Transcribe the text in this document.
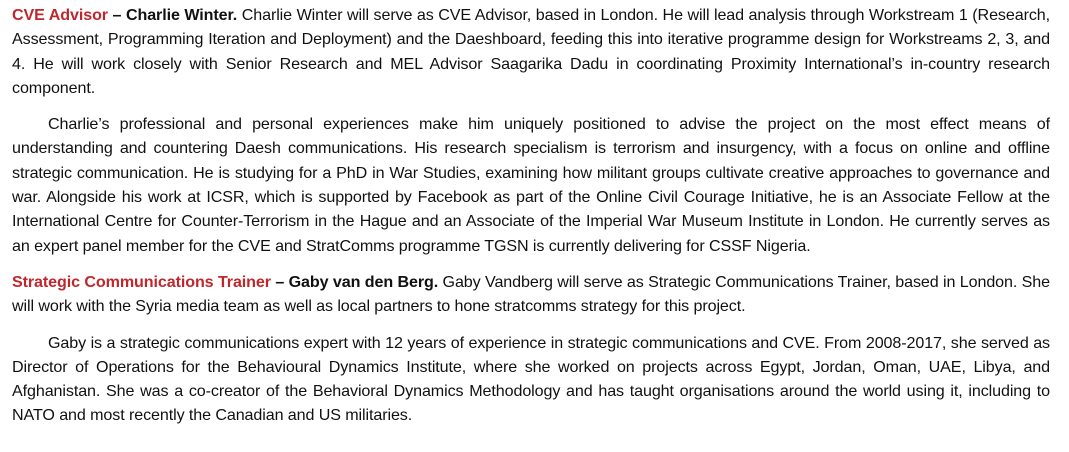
CVE Advisor – Charlie Winter. Charlie Winter will serve as CVE Advisor, based in London. He will lead analysis through Workstream 1 (Research, Assessment, Programming Iteration and Deployment) and the Daeshboard, feeding this into iterative programme design for Workstreams 2, 3, and 4. He will work closely with Senior Research and MEL Advisor Saagarika Dadu in coordinating Proximity International’s in-country research component.

Charlie’s professional and personal experiences make him uniquely positioned to advise the project on the most effect means of understanding and countering Daesh communications. His research specialism is terrorism and insurgency, with a focus on online and offline strategic communication. He is studying for a PhD in War Studies, examining how militant groups cultivate creative approaches to governance and war. Alongside his work at ICSR, which is supported by Facebook as part of the Online Civil Courage Initiative, he is an Associate Fellow at the International Centre for Counter-Terrorism in the Hague and an Associate of the Imperial War Museum Institute in London. He currently serves as an expert panel member for the CVE and StratComms programme TGSN is currently delivering for CSSF Nigeria.

Strategic Communications Trainer – Gaby van den Berg. Gaby Vandberg will serve as Strategic Communications Trainer, based in London. She will work with the Syria media team as well as local partners to hone stratcomms strategy for this project.

Gaby is a strategic communications expert with 12 years of experience in strategic communications and CVE. From 2008-2017, she served as Director of Operations for the Behavioural Dynamics Institute, where she worked on projects across Egypt, Jordan, Oman, UAE, Libya, and Afghanistan. She was a co-creator of the Behavioral Dynamics Methodology and has taught organisations around the world using it, including to NATO and most recently the Canadian and US militaries.
